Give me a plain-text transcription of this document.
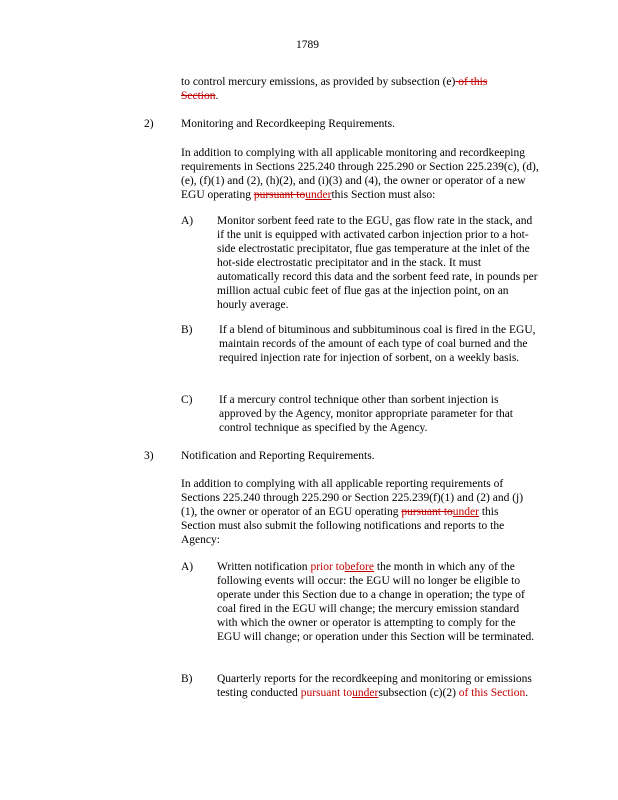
1789

to control mercury emissions, as provided by subsection (e) of this Section.

2) Monitoring and Recordkeeping Requirements.

In addition to complying with all applicable monitoring and recordkeeping requirements in Sections 225.240 through 225.290 or Section 225.239(c), (d), (e), (f)(1) and (2), (h)(2), and (i)(3) and (4), the owner or operator of a new EGU operating pursuant tounderthis Section must also:

A) Monitor sorbent feed rate to the EGU, gas flow rate in the stack, and if the unit is equipped with activated carbon injection prior to a hot-side electrostatic precipitator, flue gas temperature at the inlet of the hot-side electrostatic precipitator and in the stack. It must automatically record this data and the sorbent feed rate, in pounds per million actual cubic feet of flue gas at the injection point, on an hourly average.

B) If a blend of bituminous and subbituminous coal is fired in the EGU, maintain records of the amount of each type of coal burned and the required injection rate for injection of sorbent, on a weekly basis.

C) If a mercury control technique other than sorbent injection is approved by the Agency, monitor appropriate parameter for that control technique as specified by the Agency.

3) Notification and Reporting Requirements.

In addition to complying with all applicable reporting requirements of Sections 225.240 through 225.290 or Section 225.239(f)(1) and (2) and (j)(1), the owner or operator of an EGU operating pursuant tounder this Section must also submit the following notifications and reports to the Agency:

A) Written notification prior tobefore the month in which any of the following events will occur: the EGU will no longer be eligible to operate under this Section due to a change in operation; the type of coal fired in the EGU will change; the mercury emission standard with which the owner or operator is attempting to comply for the EGU will change; or operation under this Section will be terminated.

B) Quarterly reports for the recordkeeping and monitoring or emissions testing conducted pursuant toundersubsection (c)(2) of this Section.
